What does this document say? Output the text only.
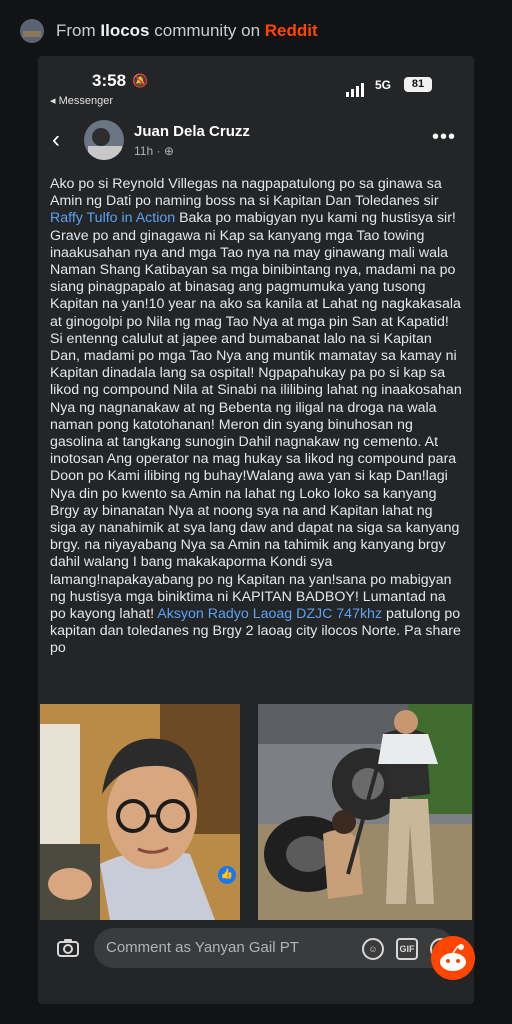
From Ilocos community on Reddit
3:58 🔕
◂ Messenger
5G	81
‹	Juan Dela Cruzz
11h · ⊕
•••

Ako po si Reynold Villegas na nagpapatulong po sa ginawa sa Amin ng Dati po naming boss na si Kapitan Dan Toledanes sir Raffy Tulfo in Action Baka po mabigyan nyu kami ng hustisya sir! Grave po and ginagawa ni Kap sa kanyang mga Tao towing inaakusahan nya and mga Tao nya na may ginawang mali wala Naman Shang Katibayan sa mga binibintang nya, madami na po siang pinagpapalo at binasag ang pagmumuka yang tusong Kapitan na yan!10 year na ako sa kanila at Lahat ng nagkakasala at ginogolpi po Nila ng mag Tao Nya at mga pin San at Kapatid! Si entenng calulut at japee and bumabanat lalo na si Kapitan Dan, madami po mga Tao Nya ang muntik mamatay sa kamay ni Kapitan dinadala lang sa ospital! Ngpapahukay pa po si kap sa likod ng compound Nila at Sinabi na ililibing lahat ng inaakosahan Nya ng nagnanakaw at ng Bebenta ng iligal na droga na wala naman pong katotohanan! Meron din syang binuhosan ng gasolina at tangkang sunogin Dahil nagnakaw ng cemento. At inotosan Ang operator na mag hukay sa likod ng compound para Doon po Kami ilibing ng buhay!Walang awa yan si kap Dan!lagi Nya din po kwento sa Amin na lahat ng Loko loko sa kanyang Brgy ay binanatan Nya at noong sya na and Kapitan lahat ng siga ay nanahimik at sya lang daw and dapat na siga sa kanyang brgy. na niyayabang Nya sa Amin na tahimik ang kanyang brgy dahil walang I bang makakaporma Kondi sya lamang!napakayabang po ng Kapitan na yan!sana po mabigyan ng hustisya mga biniktima ni KAPITAN BADBOY! Lumantad na po kayong lahat! Aksyon Radyo Laoag DZJC 747khz patulong po kapitan dan toledanes ng Brgy 2 laoag city ilocos Norte. Pa share po

👍
Comment as Yanyan Gail PT	☺	GIF
